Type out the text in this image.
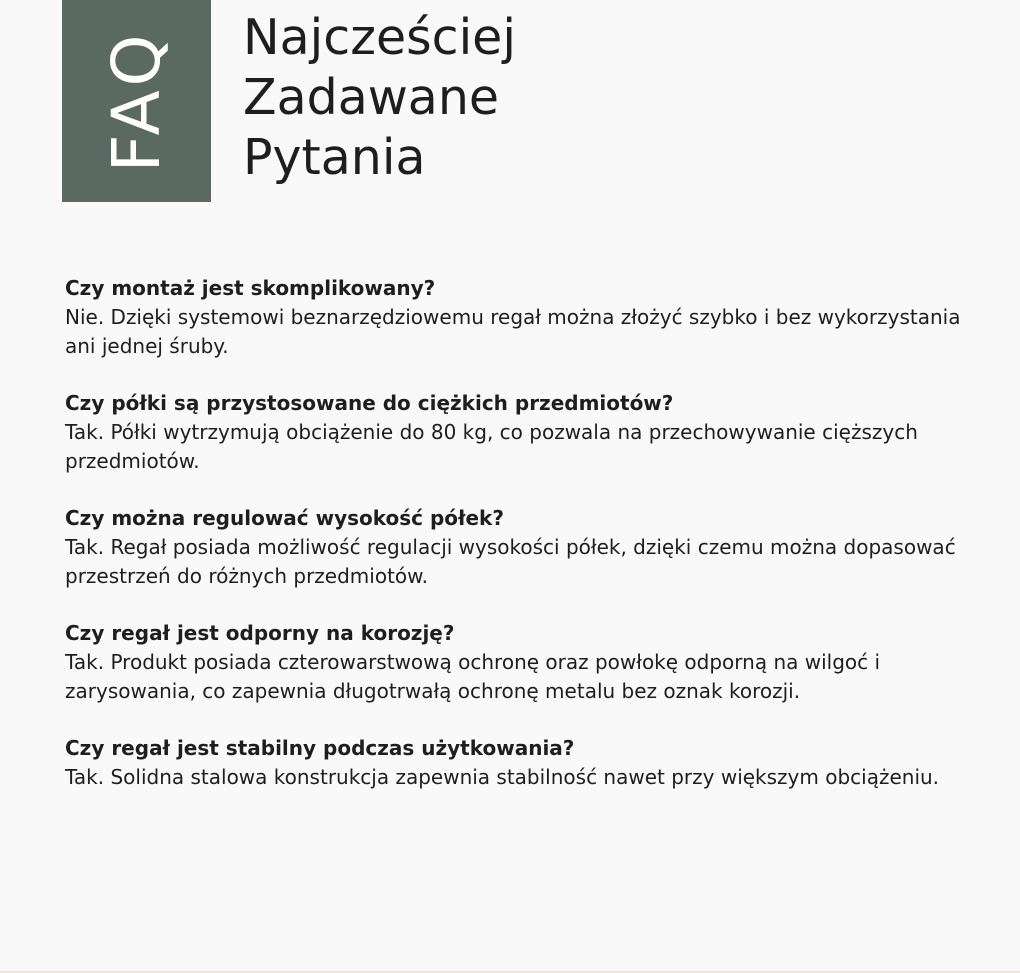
FAQ Najcześciej
Zadawane
Pytania

Czy montaż jest skomplikowany?

Nie. Dzięki systemowi beznarzędziowemu regał można złożyć szybko i bez wykorzystania ani jednej śruby.

Czy półki są przystosowane do ciężkich przedmiotów?

Tak. Półki wytrzymują obciążenie do 80 kg, co pozwala na przechowywanie cięższych przedmiotów.

Czy można regulować wysokość półek?

Tak. Regał posiada możliwość regulacji wysokości półek, dzięki czemu można dopasować przestrzeń do różnych przedmiotów.

Czy regał jest odporny na korozję?

Tak. Produkt posiada czterowarstwową ochronę oraz powłokę odporną na wilgoć i zarysowania, co zapewnia długotrwałą ochronę metalu bez oznak korozji.

Czy regał jest stabilny podczas użytkowania?

Tak. Solidna stalowa konstrukcja zapewnia stabilność nawet przy większym obciążeniu.
